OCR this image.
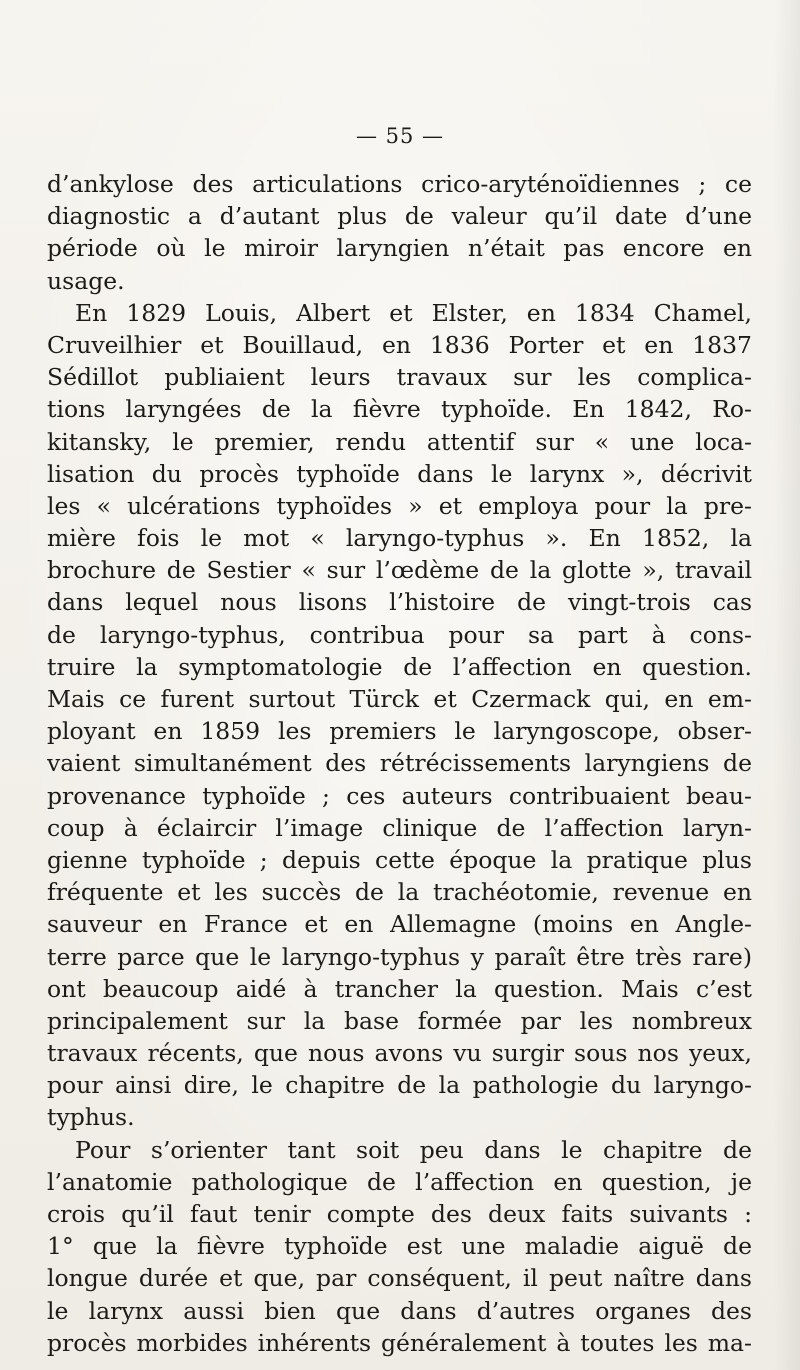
— 55 —
d’ankylose des articulations crico-aryténoïdiennes ; ce
diagnostic a d’autant plus de valeur qu’il date d’une
période où le miroir laryngien n’était pas encore en
usage.
En 1829 Louis, Albert et Elster, en 1834 Chamel,
Cruveilhier et Bouillaud, en 1836 Porter et en 1837
Sédillot publiaient leurs travaux sur les complica-
tions laryngées de la fièvre typhoïde. En 1842, Ro-
kitansky, le premier, rendu attentif sur « une loca-
lisation du procès typhoïde dans le larynx », décrivit
les « ulcérations typhoïdes » et employa pour la pre-
mière fois le mot « laryngo-typhus ». En 1852, la
brochure de Sestier « sur l’œdème de la glotte », travail
dans lequel nous lisons l’histoire de vingt-trois cas
de laryngo-typhus, contribua pour sa part à cons-
truire la symptomatologie de l’affection en question.
Mais ce furent surtout Türck et Czermack qui, en em-
ployant en 1859 les premiers le laryngoscope, obser-
vaient simultanément des rétrécissements laryngiens de
provenance typhoïde ; ces auteurs contribuaient beau-
coup à éclaircir l’image clinique de l’affection laryn-
gienne typhoïde ; depuis cette époque la pratique plus
fréquente et les succès de la trachéotomie, revenue en
sauveur en France et en Allemagne (moins en Angle-
terre parce que le laryngo-typhus y paraît être très rare)
ont beaucoup aidé à trancher la question. Mais c’est
principalement sur la base formée par les nombreux
travaux récents, que nous avons vu surgir sous nos yeux,
pour ainsi dire, le chapitre de la pathologie du laryngo-
typhus.
Pour s’orienter tant soit peu dans le chapitre de
l’anatomie pathologique de l’affection en question, je
crois qu’il faut tenir compte des deux faits suivants :
1° que la fièvre typhoïde est une maladie aiguë de
longue durée et que, par conséquent, il peut naître dans
le larynx aussi bien que dans d’autres organes des
procès morbides inhérents généralement à toutes les ma-
